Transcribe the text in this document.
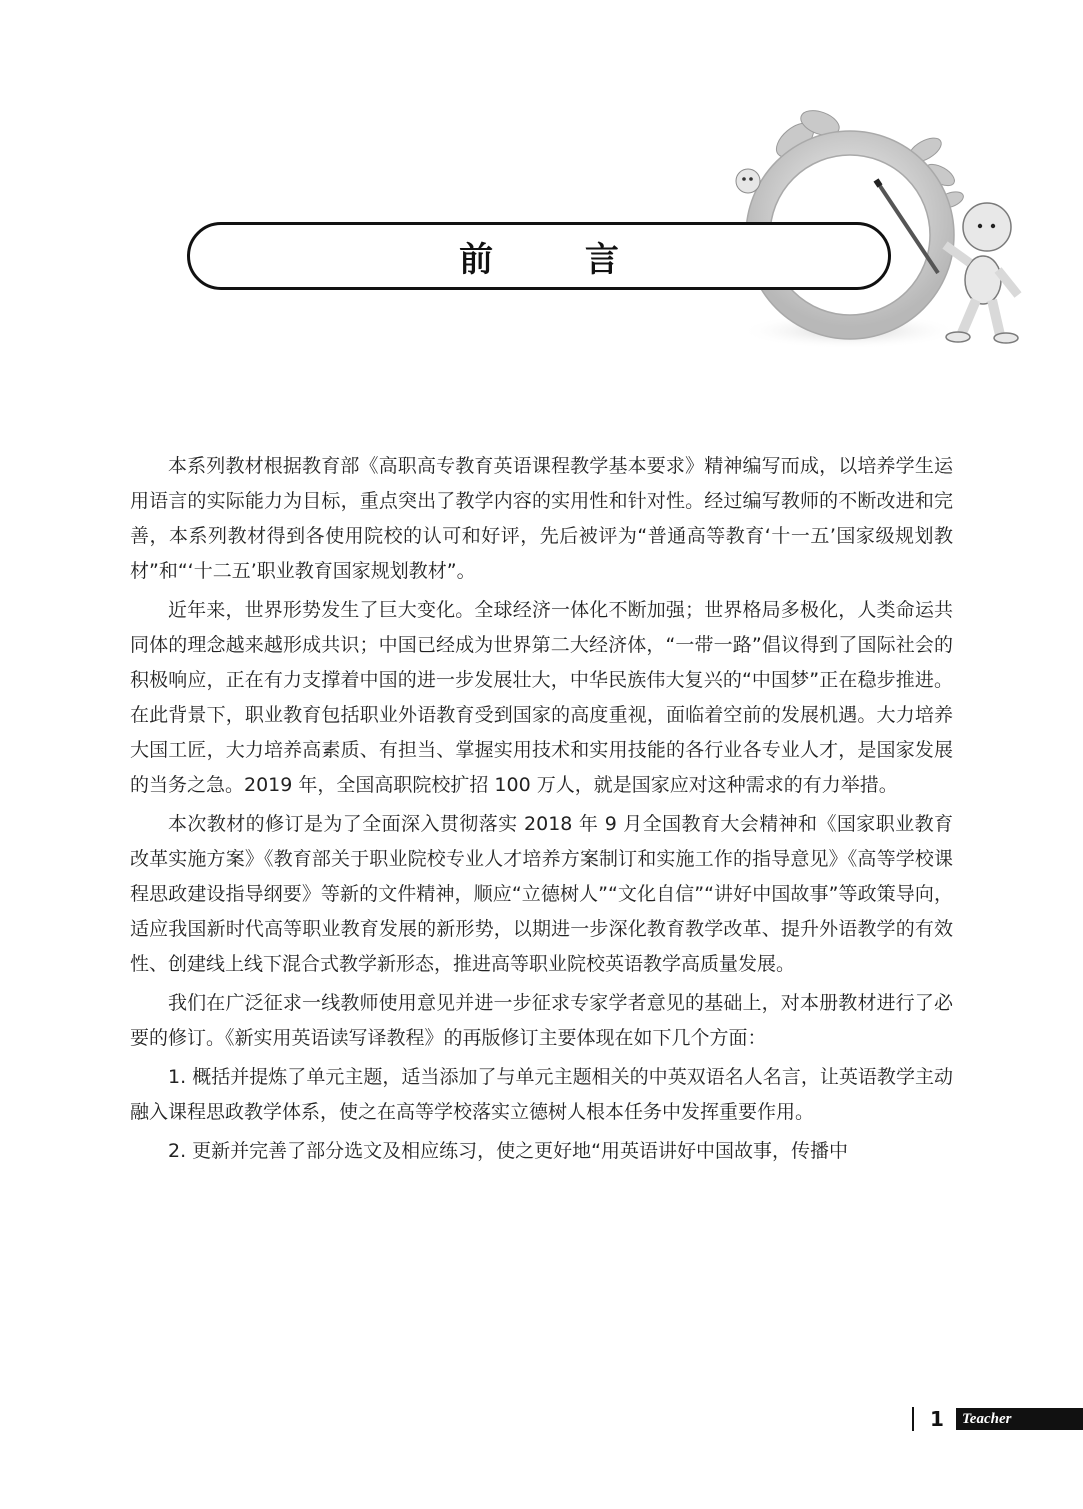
前 言

本系列教材根据教育部《高职高专教育英语课程教学基本要求》精神编写而成，以培养学生运用语言的实际能力为目标，重点突出了教学内容的实用性和针对性。经过编写教师的不断改进和完善，本系列教材得到各使用院校的认可和好评，先后被评为“普通高等教育‘十一五’国家级规划教材”和“‘十二五’职业教育国家规划教材”。

近年来，世界形势发生了巨大变化。全球经济一体化不断加强；世界格局多极化，人类命运共同体的理念越来越形成共识；中国已经成为世界第二大经济体，“一带一路”倡议得到了国际社会的积极响应，正在有力支撑着中国的进一步发展壮大，中华民族伟大复兴的“中国梦”正在稳步推进。在此背景下，职业教育包括职业外语教育受到国家的高度重视，面临着空前的发展机遇。大力培养大国工匠，大力培养高素质、有担当、掌握实用技术和实用技能的各行业各专业人才，是国家发展的当务之急。2019 年，全国高职院校扩招 100 万人，就是国家应对这种需求的有力举措。

本次教材的修订是为了全面深入贯彻落实 2018 年 9 月全国教育大会精神和《国家职业教育改革实施方案》《教育部关于职业院校专业人才培养方案制订和实施工作的指导意见》《高等学校课程思政建设指导纲要》等新的文件精神，顺应“立德树人”“文化自信”“讲好中国故事”等政策导向，适应我国新时代高等职业教育发展的新形势，以期进一步深化教育教学改革、提升外语教学的有效性、创建线上线下混合式教学新形态，推进高等职业院校英语教学高质量发展。

我们在广泛征求一线教师使用意见并进一步征求专家学者意见的基础上，对本册教材进行了必要的修订。《新实用英语读写译教程》的再版修订主要体现在如下几个方面：

1. 概括并提炼了单元主题，适当添加了与单元主题相关的中英双语名人名言，让英语教学主动融入课程思政教学体系，使之在高等学校落实立德树人根本任务中发挥重要作用。

2. 更新并完善了部分选文及相应练习，使之更好地“用英语讲好中国故事，传播中

1	Teacher
